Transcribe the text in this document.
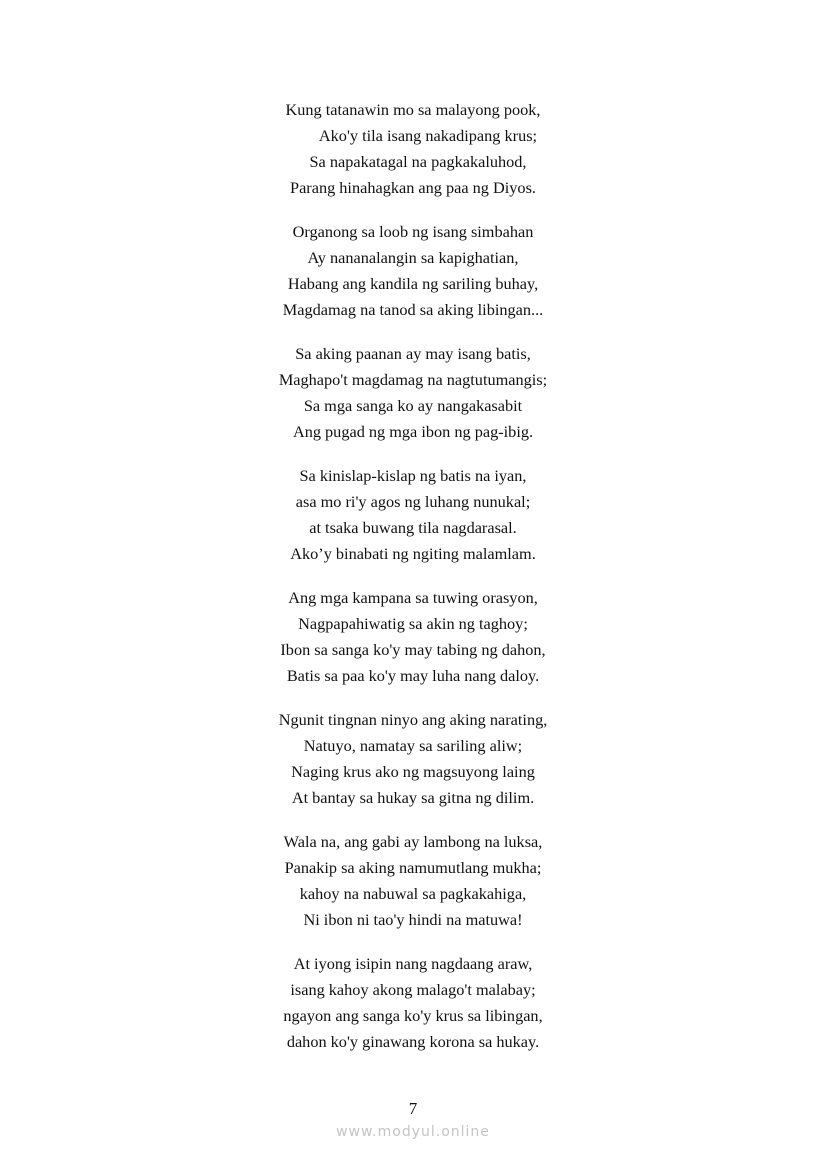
Kung tatanawin mo sa malayong pook,
Ako'y tila isang nakadipang krus;
Sa napakatagal na pagkakaluhod,
Parang hinahagkan ang paa ng Diyos.
Organong sa loob ng isang simbahan
Ay nananalangin sa kapighatian,
Habang ang kandila ng sariling buhay,
Magdamag na tanod sa aking libingan...
Sa aking paanan ay may isang batis,
Maghapo't magdamag na nagtutumangis;
Sa mga sanga ko ay nangakasabit
Ang pugad ng mga ibon ng pag-ibig.
Sa kinislap-kislap ng batis na iyan,
asa mo ri'y agos ng luhang nunukal;
at tsaka buwang tila nagdarasal.
Ako’y binabati ng ngiting malamlam.
Ang mga kampana sa tuwing orasyon,
Nagpapahiwatig sa akin ng taghoy;
Ibon sa sanga ko'y may tabing ng dahon,
Batis sa paa ko'y may luha nang daloy.
Ngunit tingnan ninyo ang aking narating,
Natuyo, namatay sa sariling aliw;
Naging krus ako ng magsuyong laing
At bantay sa hukay sa gitna ng dilim.
Wala na, ang gabi ay lambong na luksa,
Panakip sa aking namumutlang mukha;
kahoy na nabuwal sa pagkakahiga,
Ni ibon ni tao'y hindi na matuwa!
At iyong isipin nang nagdaang araw,
isang kahoy akong malago't malabay;
ngayon ang sanga ko'y krus sa libingan,
dahon ko'y ginawang korona sa hukay.
7
www.modyul.online
